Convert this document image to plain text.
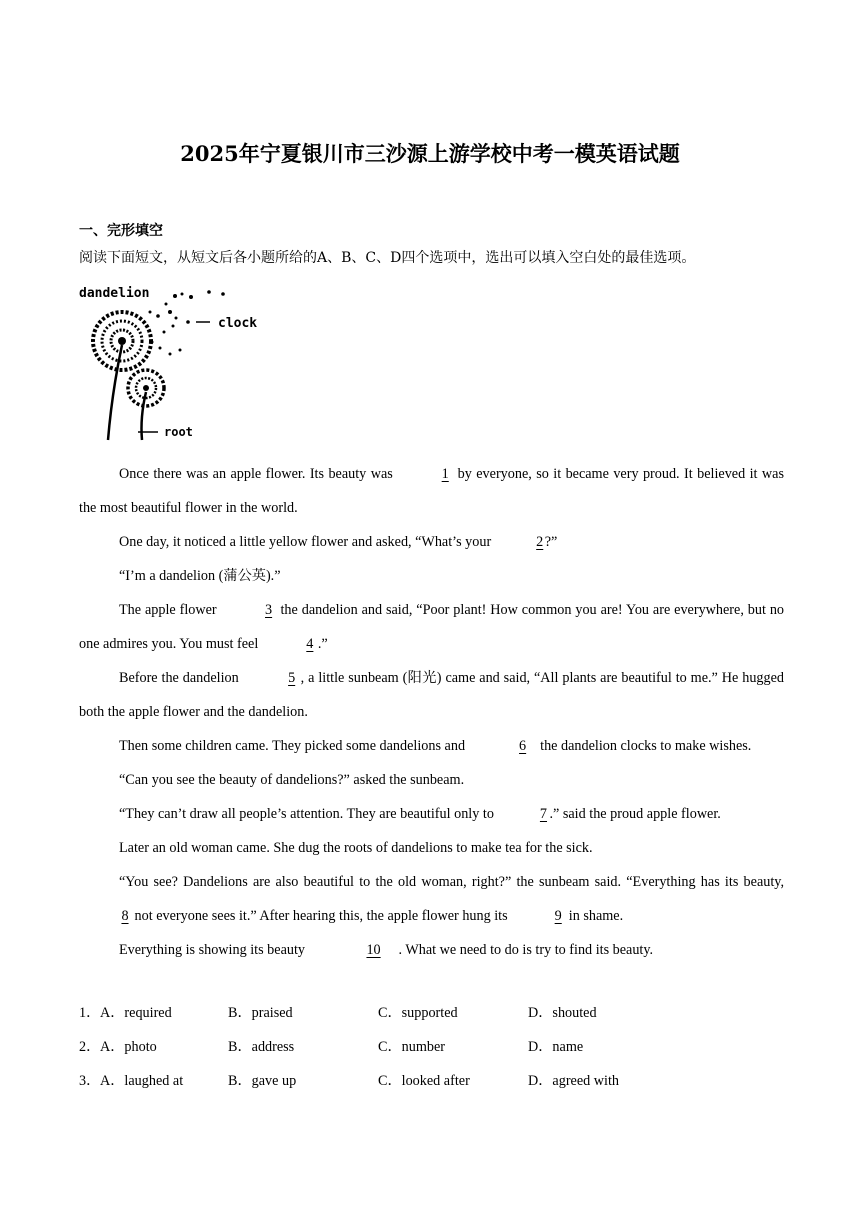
2025年宁夏银川市三沙源上游学校中考一模英语试题
一、完形填空
阅读下面短文，从短文后各小题所给的A、B、C、D四个选项中，选出可以填入空白处的最佳选项。
dandelion
clock
root

Once there was an apple flower. Its beauty was	1 by everyone, so it became very proud. It believed it was the most beautiful flower in the world.

One day, it noticed a little yellow flower and asked, “What’s your	2?”

“I’m a dandelion (蒲公英).”

The apple flower	3 the dandelion and said, “Poor plant! How common you are! You are everywhere, but no one admires you. You must feel	4 .”

Before the dandelion	5 , a little sunbeam (阳光) came and said, “All plants are beautiful to me.” He hugged both the apple flower and the dandelion.

Then some children came. They picked some dandelions and	6 the dandelion clocks to make wishes.

“Can you see the beauty of dandelions?” asked the sunbeam.

“They can’t draw all people’s attention. They are beautiful only to	7 .” said the proud apple flower.

Later an old woman came. She dug the roots of dandelions to make tea for the sick.

“You see? Dandelions are also beautiful to the old woman, right?” the sunbeam said. “Everything has its beauty, 8 not everyone sees it.” After hearing this, the apple flower hung its	9 in shame.

Everything is showing its beauty	10 . What we need to do is try to find its beauty.

1． A．required	B．praised	C．supported	D．shouted
2． A．photo	B．address	C．number	D．name
3． A．laughed at	B．gave up	C．looked after	D．agreed with
